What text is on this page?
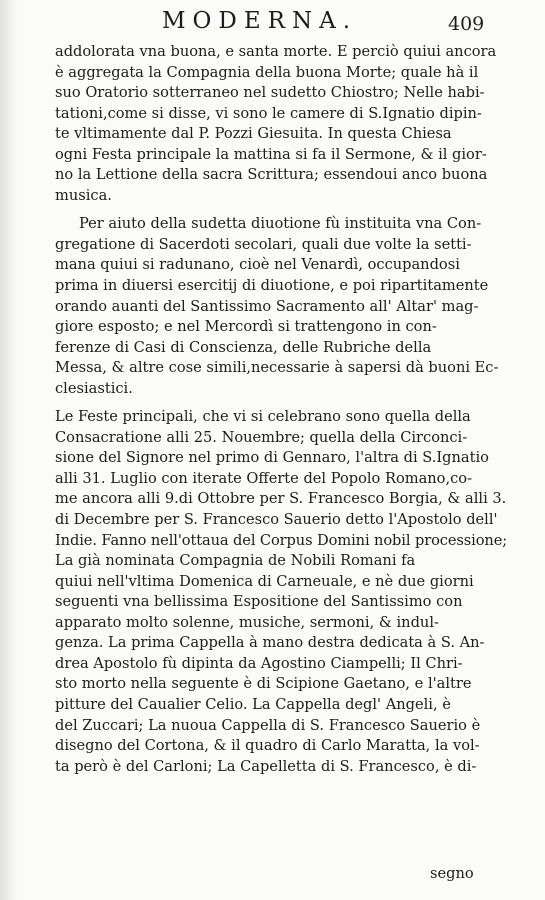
MODERNA.	409
addolorata vna buona, e santa morte. E perciò quiui ancora
è aggregata la Compagnia della buona Morte; quale hà il
suo Oratorio sotterraneo nel sudetto Chiostro; Nelle habi-
tationi,come si disse, vi sono le camere di S.Ignatio dipin-
te vltimamente dal P. Pozzi Giesuita. In questa Chiesa
ogni Festa principale la mattina si fa il Sermone, & il gior-
no la Lettione della sacra Scrittura; essendoui anco buona
musica.
Per aiuto della sudetta diuotione fù instituita vna Con-
gregatione di Sacerdoti secolari, quali due volte la setti-
mana quiui si radunano, cioè nel Venardì, occupandosi
prima in diuersi esercitij di diuotione, e poi ripartitamente
orando auanti del Santissimo Sacramento all' Altar' mag-
giore esposto; e nel Mercordì si trattengono in con-
ferenze di Casi di Conscienza, delle Rubriche della
Messa, & altre cose simili,necessarie à sapersi dà buoni Ec-
clesiastici.
Le Feste principali, che vi si celebrano sono quella della
Consacratione alli 25. Nouembre; quella della Circonci-
sione del Signore nel primo di Gennaro, l'altra di S.Ignatio
alli 31. Luglio con iterate Offerte del Popolo Romano,co-
me ancora alli 9.di Ottobre per S. Francesco Borgia, & alli 3.
di Decembre per S. Francesco Sauerio detto l'Apostolo dell'
Indie. Fanno nell'ottaua del Corpus Domini nobil processione;
La già nominata Compagnia de Nobili Romani fa
quiui nell'vltima Domenica di Carneuale, e nè due giorni
seguenti vna bellissima Espositione del Santissimo con
apparato molto solenne, musiche, sermoni, & indul-
genza. La prima Cappella à mano destra dedicata à S. An-
drea Apostolo fù dipinta da Agostino Ciampelli; Il Chri-
sto morto nella seguente è di Scipione Gaetano, e l'altre
pitture del Caualier Celio. La Cappella degl' Angeli, è
del Zuccari; La nuoua Cappella di S. Francesco Sauerio è
disegno del Cortona, & il quadro di Carlo Maratta, la vol-
ta però è del Carloni; La Capelletta di S. Francesco, è di-
segno
